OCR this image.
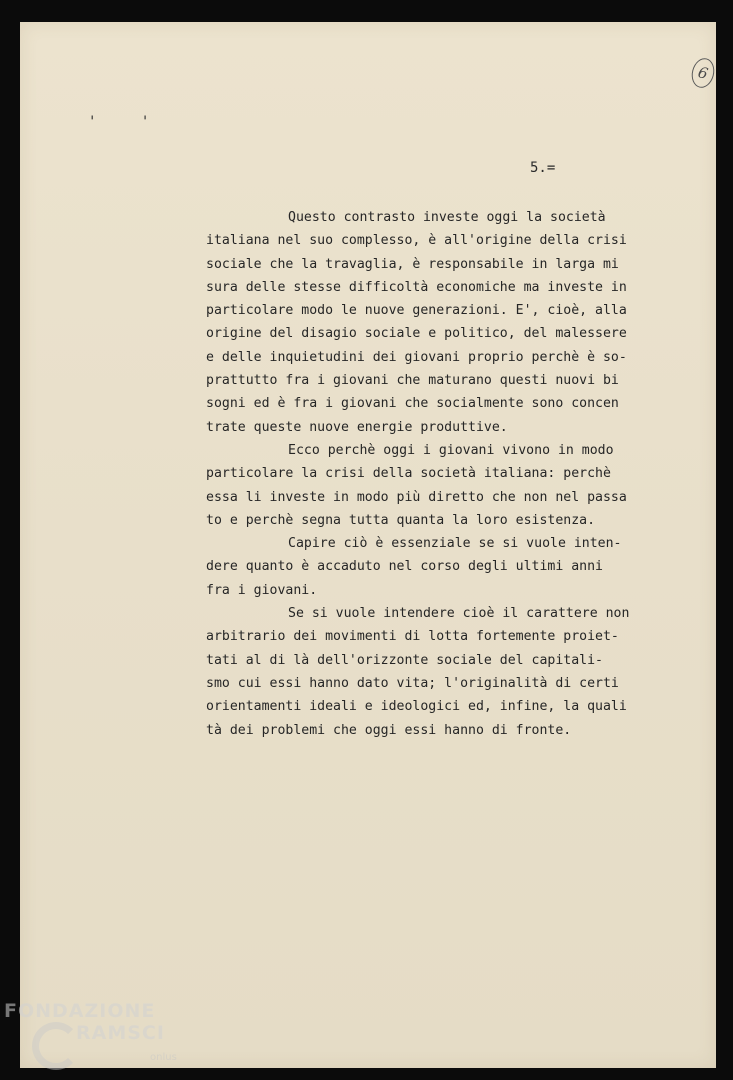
6
' '
5.=
Questo contrasto investe oggi la società
italiana nel suo complesso, è all'origine della crisi
sociale che la travaglia, è responsabile in larga mi
sura delle stesse difficoltà economiche ma investe in
particolare modo le nuove generazioni. E', cioè, alla
origine del disagio sociale e politico, del malessere
e delle inquietudini dei giovani proprio perchè è so-
prattutto fra i giovani che maturano questi nuovi bi
sogni ed è fra i giovani che socialmente sono concen
trate queste nuove energie produttive.
Ecco perchè oggi i giovani vivono in modo
particolare la crisi della società italiana: perchè
essa li investe in modo più diretto che non nel passa
to e perchè segna tutta quanta la loro esistenza.
Capire ciò è essenziale se si vuole inten-
dere quanto è accaduto nel corso degli ultimi anni
fra i giovani.
Se si vuole intendere cioè il carattere non
arbitrario dei movimenti di lotta fortemente proiet-
tati al di là dell'orizzonte sociale del capitali-
smo cui essi hanno dato vita; l'originalità di certi
orientamenti ideali e ideologici ed, infine, la quali
tà dei problemi che oggi essi hanno di fronte.
FONDAZIONE
RAMSCI
onlus
